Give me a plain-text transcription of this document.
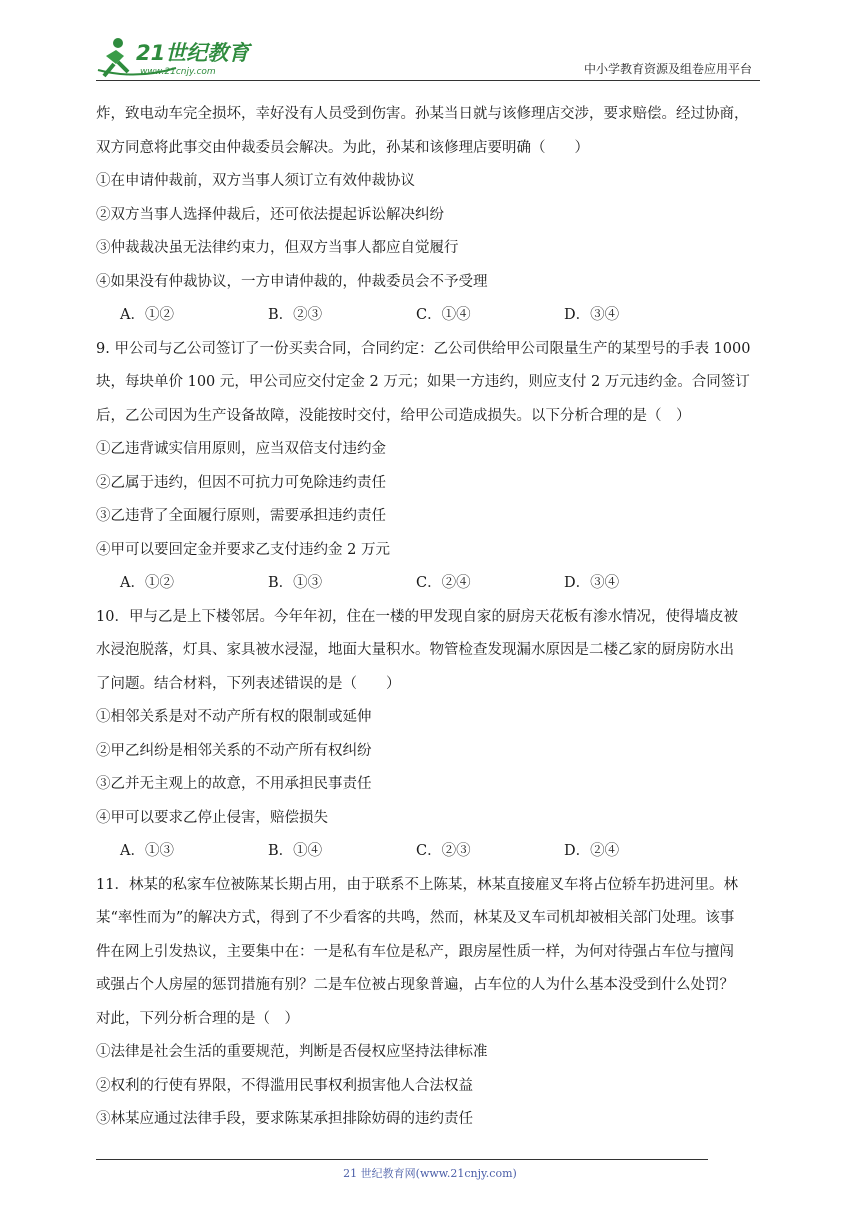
21世纪教育
www.21cnjy.com	中小学教育资源及组卷应用平台

炸，致电动车完全损坏，幸好没有人员受到伤害。孙某当日就与该修理店交涉，要求赔偿。经过协商，

双方同意将此事交由仲裁委员会解决。为此，孙某和该修理店要明确（　　）

①在申请仲裁前，双方当事人须订立有效仲裁协议

②双方当事人选择仲裁后，还可依法提起诉讼解决纠纷

③仲裁裁决虽无法律约束力，但双方当事人都应自觉履行

④如果没有仲裁协议，一方申请仲裁的，仲裁委员会不予受理

A．①②	B．②③	C．①④	D．③④

9. 甲公司与乙公司签订了一份买卖合同，合同约定：乙公司供给甲公司限量生产的某型号的手表 1000

块，每块单价 100 元，甲公司应交付定金 2 万元；如果一方违约，则应支付 2 万元违约金。合同签订

后，乙公司因为生产设备故障，没能按时交付，给甲公司造成损失。以下分析合理的是（　）

①乙违背诚实信用原则，应当双倍支付违约金

②乙属于违约，但因不可抗力可免除违约责任

③乙违背了全面履行原则，需要承担违约责任

④甲可以要回定金并要求乙支付违约金 2 万元

A．①②	B．①③	C．②④	D．③④

10．甲与乙是上下楼邻居。今年年初，住在一楼的甲发现自家的厨房天花板有渗水情况，使得墙皮被

水浸泡脱落，灯具、家具被水浸湿，地面大量积水。物管检查发现漏水原因是二楼乙家的厨房防水出

了问题。结合材料，下列表述错误的是（　　）

①相邻关系是对不动产所有权的限制或延伸

②甲乙纠纷是相邻关系的不动产所有权纠纷

③乙并无主观上的故意，不用承担民事责任

④甲可以要求乙停止侵害，赔偿损失

A．①③	B．①④	C．②③	D．②④

11．林某的私家车位被陈某长期占用，由于联系不上陈某，林某直接雇叉车将占位轿车扔进河里。林

某“率性而为”的解决方式，得到了不少看客的共鸣，然而，林某及叉车司机却被相关部门处理。该事

件在网上引发热议，主要集中在：一是私有车位是私产，跟房屋性质一样，为何对待强占车位与擅闯

或强占个人房屋的惩罚措施有别？二是车位被占现象普遍，占车位的人为什么基本没受到什么处罚？

对此，下列分析合理的是（　）

①法律是社会生活的重要规范，判断是否侵权应坚持法律标准

②权利的行使有界限，不得滥用民事权利损害他人合法权益

③林某应通过法律手段，要求陈某承担排除妨碍的违约责任

21 世纪教育网(www.21cnjy.com)
